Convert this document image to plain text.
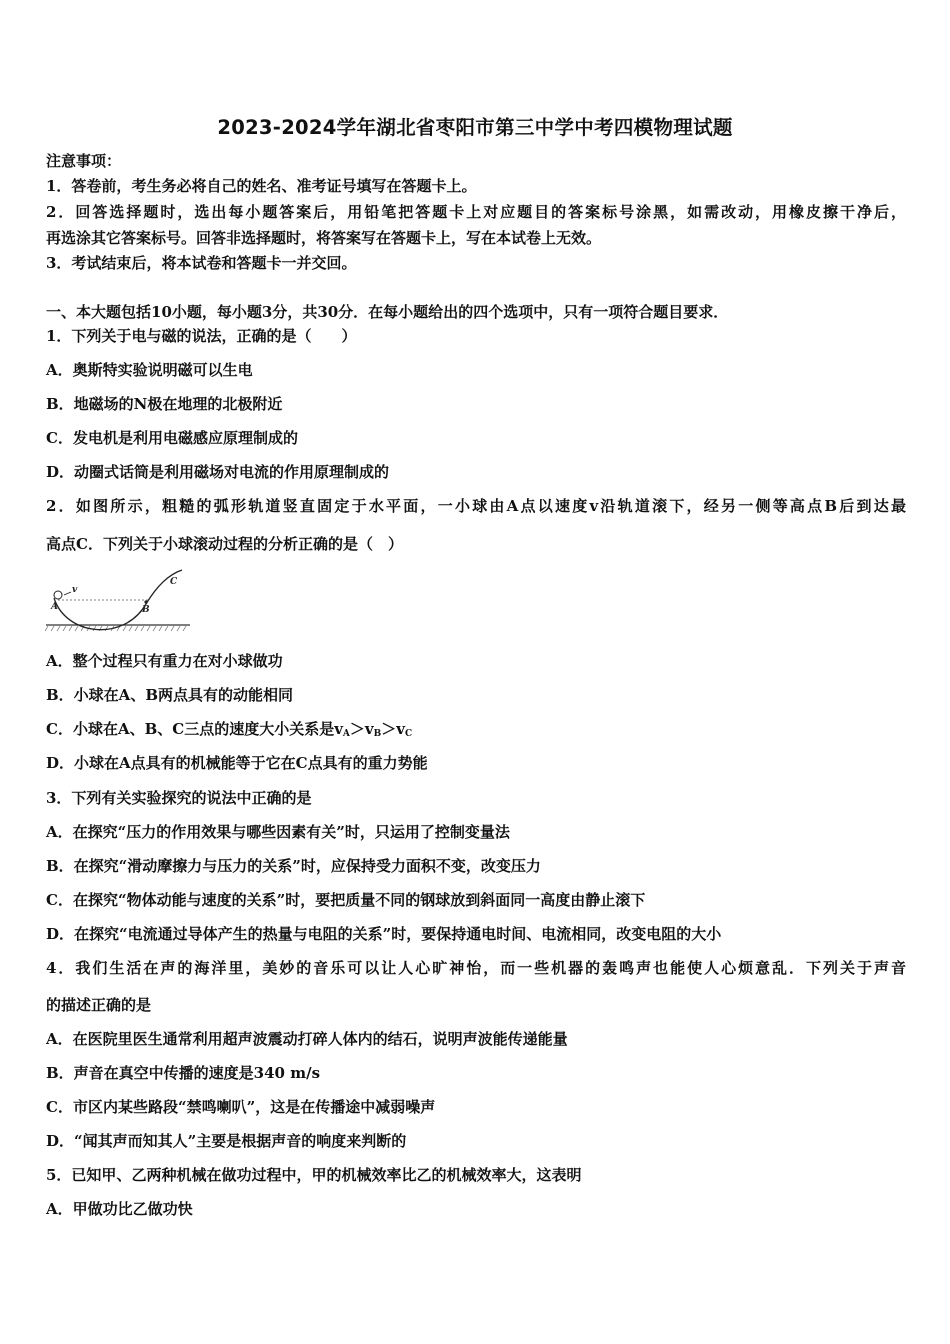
2023-2024学年湖北省枣阳市第三中学中考四模物理试题
注意事项：
1．答卷前，考生务必将自己的姓名、准考证号填写在答题卡上。
2．回答选择题时，选出每小题答案后，用铅笔把答题卡上对应题目的答案标号涂黑，如需改动，用橡皮擦干净后，
再选涂其它答案标号。回答非选择题时，将答案写在答题卡上，写在本试卷上无效。
3．考试结束后，将本试卷和答题卡一并交回。
一、本大题包括10小题，每小题3分，共30分．在每小题给出的四个选项中，只有一项符合题目要求．
1．下列关于电与磁的说法，正确的是（　　）
A．奥斯特实验说明磁可以生电
B．地磁场的N极在地理的北极附近
C．发电机是利用电磁感应原理制成的
D．动圈式话筒是利用磁场对电流的作用原理制成的
2．如图所示，粗糙的弧形轨道竖直固定于水平面，一小球由A点以速度v沿轨道滚下，经另一侧等高点B后到达最
高点C．下列关于小球滚动过程的分析正确的是（　）
A
v
B
C
A．整个过程只有重力在对小球做功
B．小球在A、B两点具有的动能相同
C．小球在A、B、C三点的速度大小关系是$v_A>v_B>v_C$
D．小球在A点具有的机械能等于它在C点具有的重力势能
3．下列有关实验探究的说法中正确的是
A．在探究“压力的作用效果与哪些因素有关”时，只运用了控制变量法
B．在探究“滑动摩擦力与压力的关系”时，应保持受力面积不变，改变压力
C．在探究“物体动能与速度的关系”时，要把质量不同的钢球放到斜面同一高度由静止滚下
D．在探究“电流通过导体产生的热量与电阻的关系”时，要保持通电时间、电流相同，改变电阻的大小
4．我们生活在声的海洋里，美妙的音乐可以让人心旷神怡，而一些机器的轰鸣声也能使人心烦意乱．下列关于声音
的描述正确的是
A．在医院里医生通常利用超声波震动打碎人体内的结石，说明声波能传递能量
B．声音在真空中传播的速度是340 m/s
C．市区内某些路段“禁鸣喇叭”，这是在传播途中减弱噪声
D．“闻其声而知其人”主要是根据声音的响度来判断的
5．已知甲、乙两种机械在做功过程中，甲的机械效率比乙的机械效率大，这表明
A．甲做功比乙做功快
